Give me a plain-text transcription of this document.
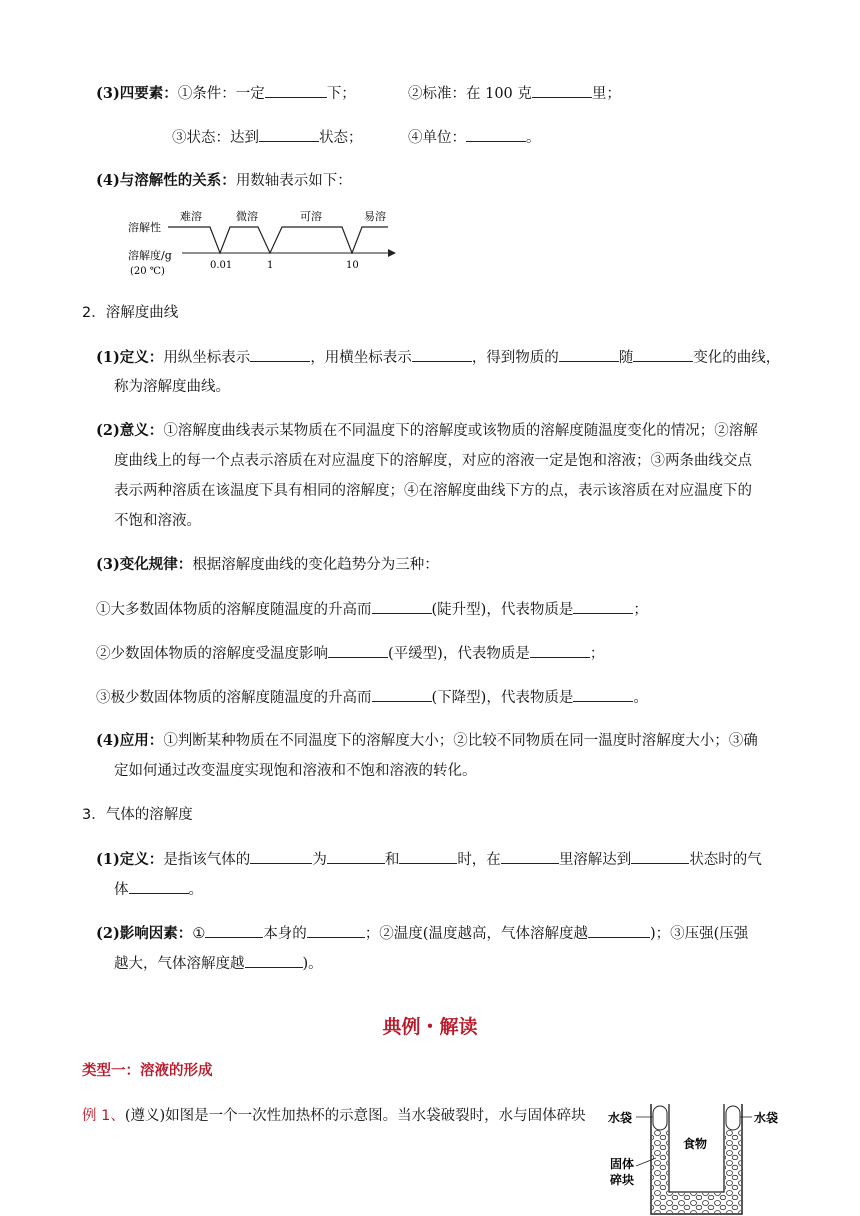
(3)四要素：①条件：一定	下；	②标准：在 100 克	里；
③状态：达到	状态；	④单位：	。
(4)与溶解性的关系：用数轴表示如下：
溶解性
溶解度/g
(20 ℃)
难溶	微溶	可溶	易溶
0.01	1	10
2．溶解度曲线
(1)定义：用纵坐标表示	，用横坐标表示	，得到物质的	随	变化的曲线，
称为溶解度曲线。
(2)意义：①溶解度曲线表示某物质在不同温度下的溶解度或该物质的溶解度随温度变化的情况；②溶解
度曲线上的每一个点表示溶质在对应温度下的溶解度，对应的溶液一定是饱和溶液；③两条曲线交点
表示两种溶质在该温度下具有相同的溶解度；④在溶解度曲线下方的点，表示该溶质在对应温度下的
不饱和溶液。
(3)变化规律：根据溶解度曲线的变化趋势分为三种：
①大多数固体物质的溶解度随温度的升高而	(陡升型)，代表物质是	；
②少数固体物质的溶解度受温度影响	(平缓型)，代表物质是	；
③极少数固体物质的溶解度随温度的升高而	(下降型)，代表物质是	。
(4)应用：①判断某种物质在不同温度下的溶解度大小；②比较不同物质在同一温度时溶解度大小；③确
定如何通过改变温度实现饱和溶液和不饱和溶液的转化。
3．气体的溶解度
(1)定义：是指该气体的	为	和	时，在	里溶解达到	状态时的气
体	。
(2)影响因素：①	本身的	；②温度(温度越高，气体溶解度越	)；③压强(压强
越大，气体溶解度越	)。
典例・解读
类型一：溶液的形成
例 1、(遵义)如图是一个一次性加热杯的示意图。当水袋破裂时，水与固体碎块 水袋	水袋
食物
固体
碎块
